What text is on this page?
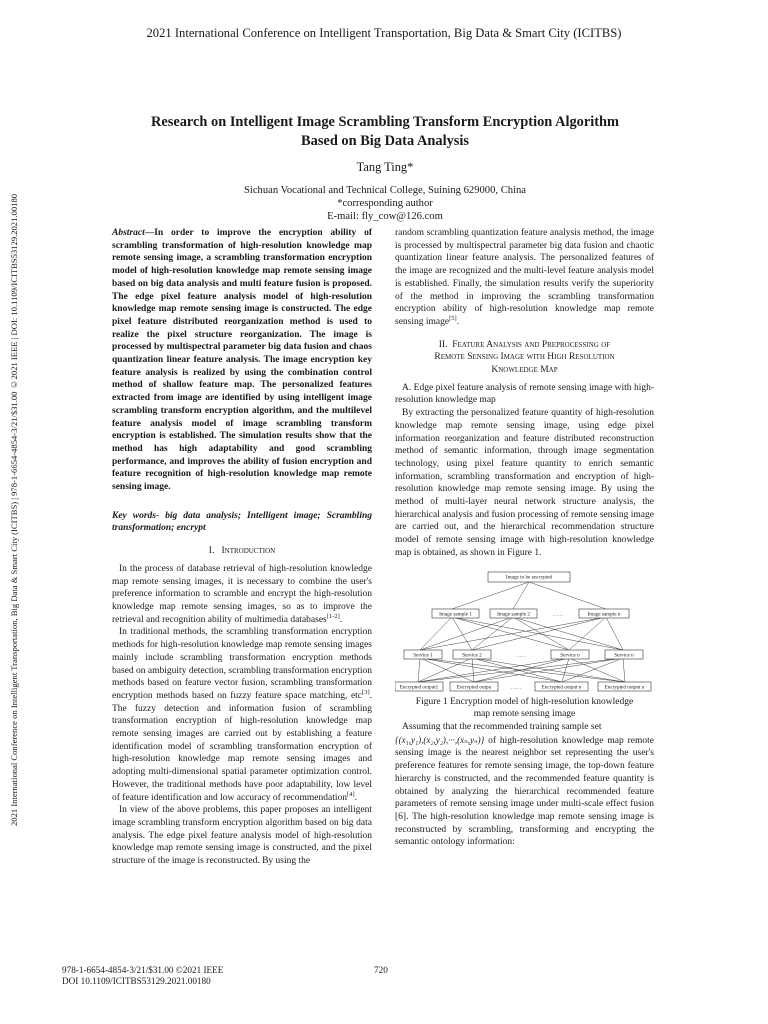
2021 International Conference on Intelligent Transportation, Big Data & Smart City (ICITBS)
2021 International Conference on Intelligent Transportation, Big Data & Smart City (ICITBS) | 978-1-6654-4854-3/21/$31.00 ©2021 IEEE | DOI: 10.1109/ICITBS53129.2021.00180
Research on Intelligent Image Scrambling Transform Encryption Algorithm
Based on Big Data Analysis
Tang Ting*
Sichuan Vocational and Technical College, Suining 629000, China
*corresponding author
E-mail: fly_cow@126.com

Abstract—In order to improve the encryption ability of scrambling transformation of high-resolution knowledge map remote sensing image, a scrambling transformation encryption model of high-resolution knowledge map remote sensing image based on big data analysis and multi feature fusion is proposed. The edge pixel feature analysis model of high-resolution knowledge map remote sensing image is constructed. The edge pixel feature distributed reorganization method is used to realize the pixel structure reorganization. The image is processed by multispectral parameter big data fusion and chaos quantization linear feature analysis. The image encryption key feature analysis is realized by using the combination control method of shallow feature map. The personalized features extracted from image are identified by using intelligent image scrambling transform encryption algorithm, and the multilevel feature analysis model of image scrambling transform encryption is established. The simulation results show that the method has high adaptability and good scrambling performance, and improves the ability of fusion encryption and feature recognition of high-resolution knowledge map remote sensing image.

Key words- big data analysis; Intelligent image; Scrambling transformation; encrypt

I. Introduction

In the process of database retrieval of high-resolution knowledge map remote sensing images, it is necessary to combine the user's preference information to scramble and encrypt the high-resolution knowledge map remote sensing images, so as to improve the retrieval and recognition ability of multimedia databases[1-2].

In traditional methods, the scrambling transformation encryption methods for high-resolution knowledge map remote sensing images mainly include scrambling transformation encryption methods based on ambiguity detection, scrambling transformation encryption methods based on feature vector fusion, scrambling transformation encryption methods based on fuzzy feature space matching, etc[3]. The fuzzy detection and information fusion of scrambling transformation encryption of high-resolution knowledge map remote sensing images are carried out by establishing a feature identification model of scrambling transformation encryption of high-resolution knowledge map remote sensing images and adopting multi-dimensional spatial parameter optimization control. However, the traditional methods have poor adaptability, low level of feature identification and low accuracy of recommendation[4].

In view of the above problems, this paper proposes an intelligent image scrambling transform encryption algorithm based on big data analysis. The edge pixel feature analysis model of high-resolution knowledge map remote sensing image is constructed, and the pixel structure of the image is reconstructed. By using the

random scrambling quantization feature analysis method, the image is processed by multispectral parameter big data fusion and chaotic quantization linear feature analysis. The personalized features of the image are recognized and the multi-level feature analysis model is established. Finally, the simulation results verify the superiority of the method in improving the scrambling transformation encryption ability of high-resolution knowledge map remote sensing image[5].

II. Feature Analysis and Preprocessing of
Remote Sensing Image with High Resolution
Knowledge Map

A. Edge pixel feature analysis of remote sensing image with high-resolution knowledge map

By extracting the personalized feature quantity of high-resolution knowledge map remote sensing image, using edge pixel information reorganization and feature distributed reconstruction method of semantic information, through image segmentation technology, using pixel feature quantity to enrich semantic information, scrambling transformation and encryption of high-resolution knowledge map remote sensing image. By using the method of multi-layer neural network structure analysis, the hierarchical analysis and fusion processing of remote sensing image are carried out, and the hierarchical recommendation structure model of remote sensing image with high-resolution knowledge map is obtained, as shown in Figure 1.

Image to be encrypted
Image sample 1	Image sample 2	……	Image sample n
Service 1	Service 2	……	Service n	Service n
Encrypted output1	Encrypted outpu	……	Encrypted output n	Encrypted output n

Figure 1 Encryption model of high-resolution knowledge
map remote sensing image

Assuming that the recommended training sample set
{(x₁,y₁),(x₂,y₂),···,(xₙ,yₙ)} of high-resolution knowledge map remote sensing image is the nearest neighbor set representing the user's preference features for remote sensing image, the top-down feature hierarchy is constructed, and the recommended feature quantity is obtained by analyzing the hierarchical recommended feature parameters of remote sensing image under multi-scale effect fusion [6]. The high-resolution knowledge map remote sensing image is reconstructed by scrambling, transforming and encrypting the semantic ontology information:

978-1-6654-4854-3/21/$31.00 ©2021 IEEE
DOI 10.1109/ICITBS53129.2021.00180
720
